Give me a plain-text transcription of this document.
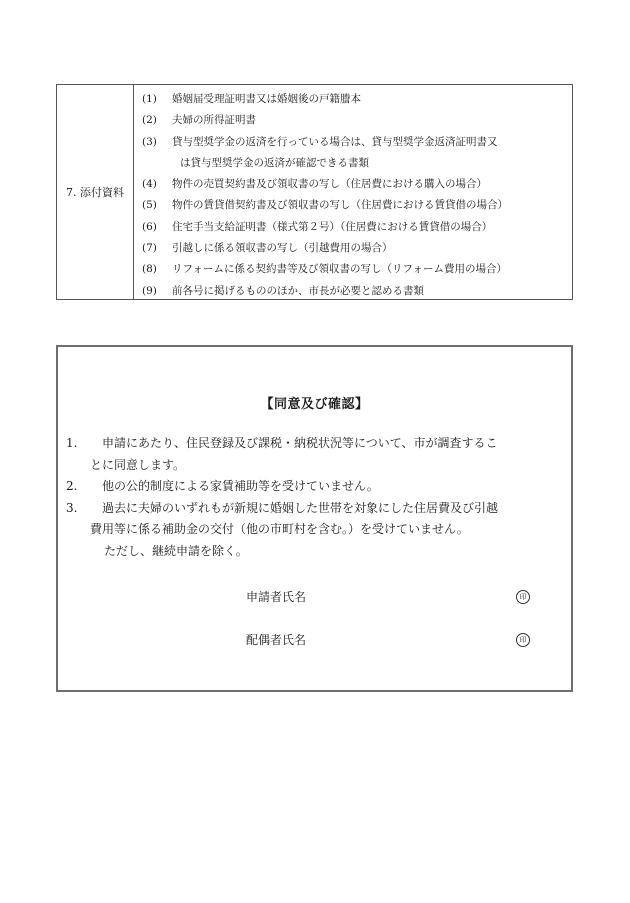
7. 添付資料
(1)	婚姻届受理証明書又は婚姻後の戸籍謄本
(2)	夫婦の所得証明書
(3)	貸与型奨学金の返済を行っている場合は、貸与型奨学金返済証明書又
は貸与型奨学金の返済が確認できる書類
(4)	物件の売買契約書及び領収書の写し（住居費における購入の場合）
(5)	物件の賃貸借契約書及び領収書の写し（住居費における賃貸借の場合）
(6)	住宅手当支給証明書（様式第２号）（住居費における賃貸借の場合）
(7)	引越しに係る領収書の写し（引越費用の場合）
(8)	リフォームに係る契約書等及び領収書の写し（リフォーム費用の場合）
(9)	前各号に掲げるもののほか、市長が必要と認める書類
【同意及び確認】
1.	　申請にあたり、住民登録及び課税・納税状況等について、市が調査するこ
とに同意します。
2.	　他の公的制度による家賃補助等を受けていません。
3.	　過去に夫婦のいずれもが新規に婚姻した世帯を対象にした住居費及び引越
費用等に係る補助金の交付（他の市町村を含む。）を受けていません。
　ただし、継続申請を除く。
申請者氏名	印
配偶者氏名	印
